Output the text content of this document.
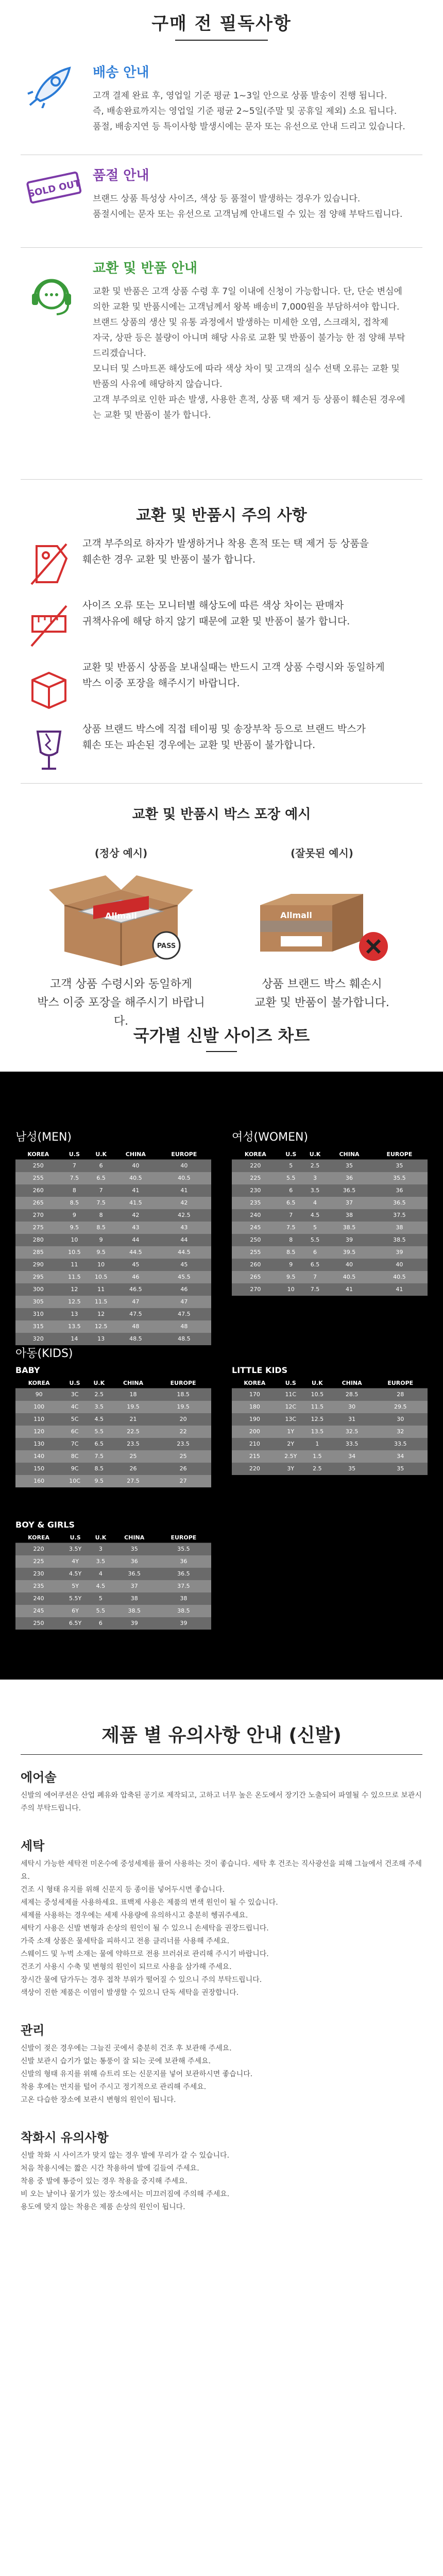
구매 전 필독사항
배송 안내

고객 결제 완료 후, 영업일 기준 평균 1~3일 안으로 상품 발송이 진행 됩니다.

즉, 배송완료까지는 영업일 기준 평균 2~5일(주말 및 공휴일 제외) 소요 됩니다.

품절, 배송지연 등 특이사항 발생시에는 문자 또는 유선으로 안내 드리고 있습니다.

SOLD OUT
품절 안내

브랜드 상품 특성상 사이즈, 색상 등 품절이 발생하는 경우가 있습니다.

품절시에는 문자 또는 유선으로 고객님께 안내드릴 수 있는 점 양해 부탁드립니다.

교환 및 반품 안내

교환 및 반품은 고객 상품 수령 후 7일 이내에 신청이 가능합니다. 단, 단순 변심에

의한 교환 및 반품시에는 고객님께서 왕복 배송비 7,000원을 부담하셔야 합니다.

브랜드 상품의 생산 및 유통 과정에서 발생하는 미세한 오염, 스크래치, 접착제

자국, 상판 등은 불량이 아니며 해당 사유로 교환 및 반품이 불가능 한 점 양해 부탁

드리겠습니다.

모니터 및 스마트폰 해상도에 따라 색상 차이 및 고객의 실수 선택 오류는 교환 및

반품의 사유에 해당하지 않습니다.

고객 부주의로 인한 파손 발생, 사용한 흔적, 상품 택 제거 등 상품이 훼손된 경우에

는 교환 및 반품이 불가 합니다.

교환 및 반품시 주의 사항

고객 부주의로 하자가 발생하거나 착용 흔적 또는 택 제거 등 상품을

훼손한 경우 교환 및 반품이 불가 합니다.

사이즈 오류 또는 모니터별 해상도에 따른 색상 차이는 판매자

귀책사유에 해당 하지 않기 때문에 교환 및 반품이 불가 합니다.

교환 및 반품시 상품을 보내실때는 반드시 고객 상품 수령시와 동일하게

박스 이중 포장을 해주시기 바랍니다.

상품 브랜드 박스에 직접 테이핑 및 송장부착 등으로 브랜드 박스가

훼손 또는 파손된 경우에는 교환 및 반품이 불가합니다.

교환 및 반품시 박스 포장 예시
(정상 예시)
Allmall
PASS
고객 상품 수령시와 동일하게
박스 이중 포장을 해주시기 바랍니다.
(잘못된 예시)
Allmall
상품 브랜드 박스 훼손시
교환 및 반품이 불가합니다.
국가별 신발 사이즈 차트
남성(MEN)
KOREA	U.S	U.K	CHINA	EUROPE
250	7	6	40	40
255	7.5	6.5	40.5	40.5
260	8	7	41	41
265	8.5	7.5	41.5	42
270	9	8	42	42.5
275	9.5	8.5	43	43
280	10	9	44	44
285	10.5	9.5	44.5	44.5
290	11	10	45	45
295	11.5	10.5	46	45.5
300	12	11	46.5	46
305	12.5	11.5	47	47
310	13	12	47.5	47.5
315	13.5	12.5	48	48
320	14	13	48.5	48.5
여성(WOMEN)
KOREA	U.S	U.K	CHINA	EUROPE
220	5	2.5	35	35
225	5.5	3	36	35.5
230	6	3.5	36.5	36
235	6.5	4	37	36.5
240	7	4.5	38	37.5
245	7.5	5	38.5	38
250	8	5.5	39	38.5
255	8.5	6	39.5	39
260	9	6.5	40	40
265	9.5	7	40.5	40.5
270	10	7.5	41	41
아동(KIDS)
BABY
KOREA	U.S	U.K	CHINA	EUROPE
90	3C	2.5	18	18.5
100	4C	3.5	19.5	19.5
110	5C	4.5	21	20
120	6C	5.5	22.5	22
130	7C	6.5	23.5	23.5
140	8C	7.5	25	25
150	9C	8.5	26	26
160	10C	9.5	27.5	27
LITTLE KIDS
KOREA	U.S	U.K	CHINA	EUROPE
170	11C	10.5	28.5	28
180	12C	11.5	30	29.5
190	13C	12.5	31	30
200	1Y	13.5	32.5	32
210	2Y	1	33.5	33.5
215	2.5Y	1.5	34	34
220	3Y	2.5	35	35
BOY & GIRLS
KOREA	U.S	U.K	CHINA	EUROPE
220	3.5Y	3	35	35.5
225	4Y	3.5	36	36
230	4.5Y	4	36.5	36.5
235	5Y	4.5	37	37.5
240	5.5Y	5	38	38
245	6Y	5.5	38.5	38.5
250	6.5Y	6	39	39
제품 별 유의사항 안내 (신발)
에어솔
신발의 에어쿠션은 산업 폐유와 압축된 공기로 제작되고, 고하고 너무 높은 온도에서 장기간 노출되어 파열될 수 있으므로 보관시 주의 부탁드립니다.
세탁
세탁시 가능한 세탁전 미온수에 중성세제를 풀어 사용하는 것이 좋습니다. 세탁 후 건조는 직사광선을 피해 그늘에서 건조해 주세요.
건조 시 형태 유지를 위해 신문지 등 종이를 넣어두시면 좋습니다.
세제는 중성세제를 사용하세요. 표백제 사용은 제품의 변색 원인이 될 수 있습니다.
세제를 사용하는 경우에는 세제 사용량에 유의하시고 충분히 헹궈주세요.
세탁기 사용은 신발 변형과 손상의 원인이 될 수 있으니 손세탁을 권장드립니다.
가죽 소재 상품은 물세탁을 피하시고 전용 클리너를 사용해 주세요.
스웨이드 및 누벅 소재는 물에 약하므로 전용 브러쉬로 관리해 주시기 바랍니다.
건조기 사용시 수축 및 변형의 원인이 되므로 사용을 삼가해 주세요.
장시간 물에 담가두는 경우 접착 부위가 떨어질 수 있으니 주의 부탁드립니다.
색상이 진한 제품은 이염이 발생할 수 있으니 단독 세탁을 권장합니다.
관리
신발이 젖은 경우에는 그늘진 곳에서 충분히 건조 후 보관해 주세요.
신발 보관시 습기가 없는 통풍이 잘 되는 곳에 보관해 주세요.
신발의 형태 유지를 위해 슈트리 또는 신문지를 넣어 보관하시면 좋습니다.
착용 후에는 먼지를 털어 주시고 정기적으로 관리해 주세요.
고온 다습한 장소에 보관시 변형의 원인이 됩니다.
착화시 유의사항
신발 착화 시 사이즈가 맞지 않는 경우 발에 무리가 갈 수 있습니다.
처음 착용시에는 짧은 시간 착용하여 발에 길들여 주세요.
착용 중 발에 통증이 있는 경우 착용을 중지해 주세요.
비 오는 날이나 물기가 있는 장소에서는 미끄러짐에 주의해 주세요.
용도에 맞지 않는 착용은 제품 손상의 원인이 됩니다.
